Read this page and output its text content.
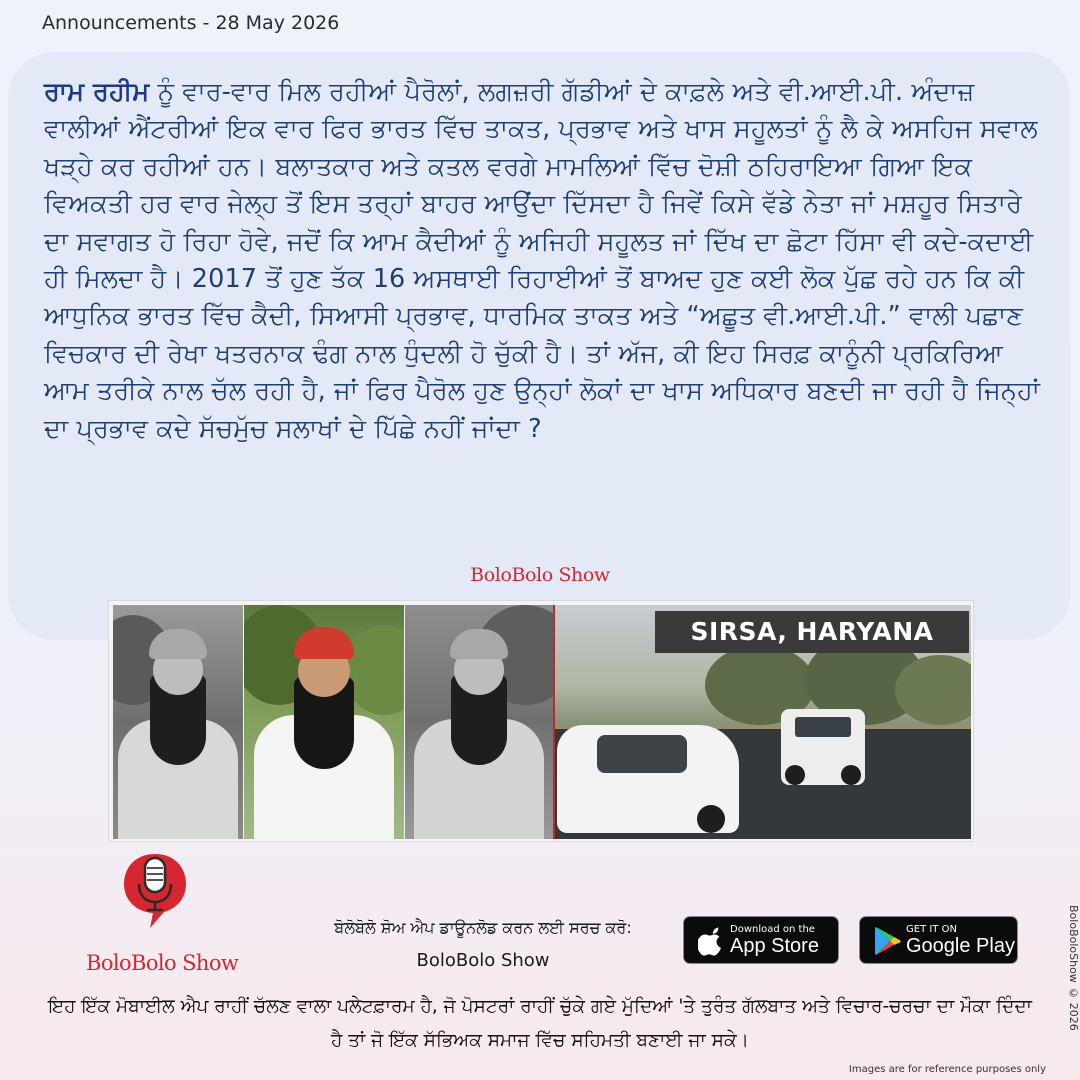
Announcements - 28 May 2026
ਰਾਮ ਰਹੀਮ ਨੂੰ ਵਾਰ-ਵਾਰ ਮਿਲ ਰਹੀਆਂ ਪੈਰੋਲਾਂ, ਲਗਜ਼ਰੀ ਗੱਡੀਆਂ ਦੇ ਕਾਫ਼ਲੇ ਅਤੇ ਵੀ.ਆਈ.ਪੀ. ਅੰਦਾਜ਼ ਵਾਲੀਆਂ ਐਂਟਰੀਆਂ ਇਕ ਵਾਰ ਫਿਰ ਭਾਰਤ ਵਿੱਚ ਤਾਕਤ, ਪ੍ਰਭਾਵ ਅਤੇ ਖਾਸ ਸਹੂਲਤਾਂ ਨੂੰ ਲੈ ਕੇ ਅਸਹਿਜ ਸਵਾਲ ਖੜ੍ਹੇ ਕਰ ਰਹੀਆਂ ਹਨ। ਬਲਾਤਕਾਰ ਅਤੇ ਕਤਲ ਵਰਗੇ ਮਾਮਲਿਆਂ ਵਿੱਚ ਦੋਸ਼ੀ ਠਹਿਰਾਇਆ ਗਿਆ ਇਕ ਵਿਅਕਤੀ ਹਰ ਵਾਰ ਜੇਲ੍ਹ ਤੋਂ ਇਸ ਤਰ੍ਹਾਂ ਬਾਹਰ ਆਉਂਦਾ ਦਿੱਸਦਾ ਹੈ ਜਿਵੇਂ ਕਿਸੇ ਵੱਡੇ ਨੇਤਾ ਜਾਂ ਮਸ਼ਹੂਰ ਸਿਤਾਰੇ ਦਾ ਸਵਾਗਤ ਹੋ ਰਿਹਾ ਹੋਵੇ, ਜਦੋਂ ਕਿ ਆਮ ਕੈਦੀਆਂ ਨੂੰ ਅਜਿਹੀ ਸਹੂਲਤ ਜਾਂ ਦਿੱਖ ਦਾ ਛੋਟਾ ਹਿੱਸਾ ਵੀ ਕਦੇ-ਕਦਾਈ ਹੀ ਮਿਲਦਾ ਹੈ। 2017 ਤੋਂ ਹੁਣ ਤੱਕ 16 ਅਸਥਾਈ ਰਿਹਾਈਆਂ ਤੋਂ ਬਾਅਦ ਹੁਣ ਕਈ ਲੋਕ ਪੁੱਛ ਰਹੇ ਹਨ ਕਿ ਕੀ ਆਧੁਨਿਕ ਭਾਰਤ ਵਿੱਚ ਕੈਦੀ, ਸਿਆਸੀ ਪ੍ਰਭਾਵ, ਧਾਰਮਿਕ ਤਾਕਤ ਅਤੇ “ਅਛੂਤ ਵੀ.ਆਈ.ਪੀ.” ਵਾਲੀ ਪਛਾਣ ਵਿਚਕਾਰ ਦੀ ਰੇਖਾ ਖਤਰਨਾਕ ਢੰਗ ਨਾਲ ਧੁੰਦਲੀ ਹੋ ਚੁੱਕੀ ਹੈ। ਤਾਂ ਅੱਜ, ਕੀ ਇਹ ਸਿਰਫ਼ ਕਾਨੂੰਨੀ ਪ੍ਰਕਿਰਿਆ ਆਮ ਤਰੀਕੇ ਨਾਲ ਚੱਲ ਰਹੀ ਹੈ, ਜਾਂ ਫਿਰ ਪੈਰੋਲ ਹੁਣ ਉਨ੍ਹਾਂ ਲੋਕਾਂ ਦਾ ਖਾਸ ਅਧਿਕਾਰ ਬਣਦੀ ਜਾ ਰਹੀ ਹੈ ਜਿਨ੍ਹਾਂ ਦਾ ਪ੍ਰਭਾਵ ਕਦੇ ਸੱਚਮੁੱਚ ਸਲਾਖਾਂ ਦੇ ਪਿੱਛੇ ਨਹੀਂ ਜਾਂਦਾ ?
BoloBolo Show
SIRSA, HARYANA
BoloBolo Show
ਬੋਲੋਬੋਲੋ ਸ਼ੋਅ ਐਪ ਡਾਊਨਲੋਡ ਕਰਨ ਲਈ ਸਰਚ ਕਰੋ:
BoloBolo Show
Download on the
App Store
GET IT ON
Google Play
ਇਹ ਇੱਕ ਮੋਬਾਈਲ ਐਪ ਰਾਹੀਂ ਚੱਲਣ ਵਾਲਾ ਪਲੇਟਫ਼ਾਰਮ ਹੈ, ਜੋ ਪੋਸਟਰਾਂ ਰਾਹੀਂ ਚੁੱਕੇ ਗਏ ਮੁੱਦਿਆਂ 'ਤੇ ਤੁਰੰਤ ਗੱਲਬਾਤ ਅਤੇ ਵਿਚਾਰ-ਚਰਚਾ ਦਾ ਮੌਕਾ ਦਿੰਦਾ ਹੈ ਤਾਂ ਜੋ ਇੱਕ ਸੱਭਿਅਕ ਸਮਾਜ ਵਿੱਚ ਸਹਿਮਤੀ ਬਣਾਈ ਜਾ ਸਕੇ।
BoloBoloShow © 2026
Images are for reference purposes only
